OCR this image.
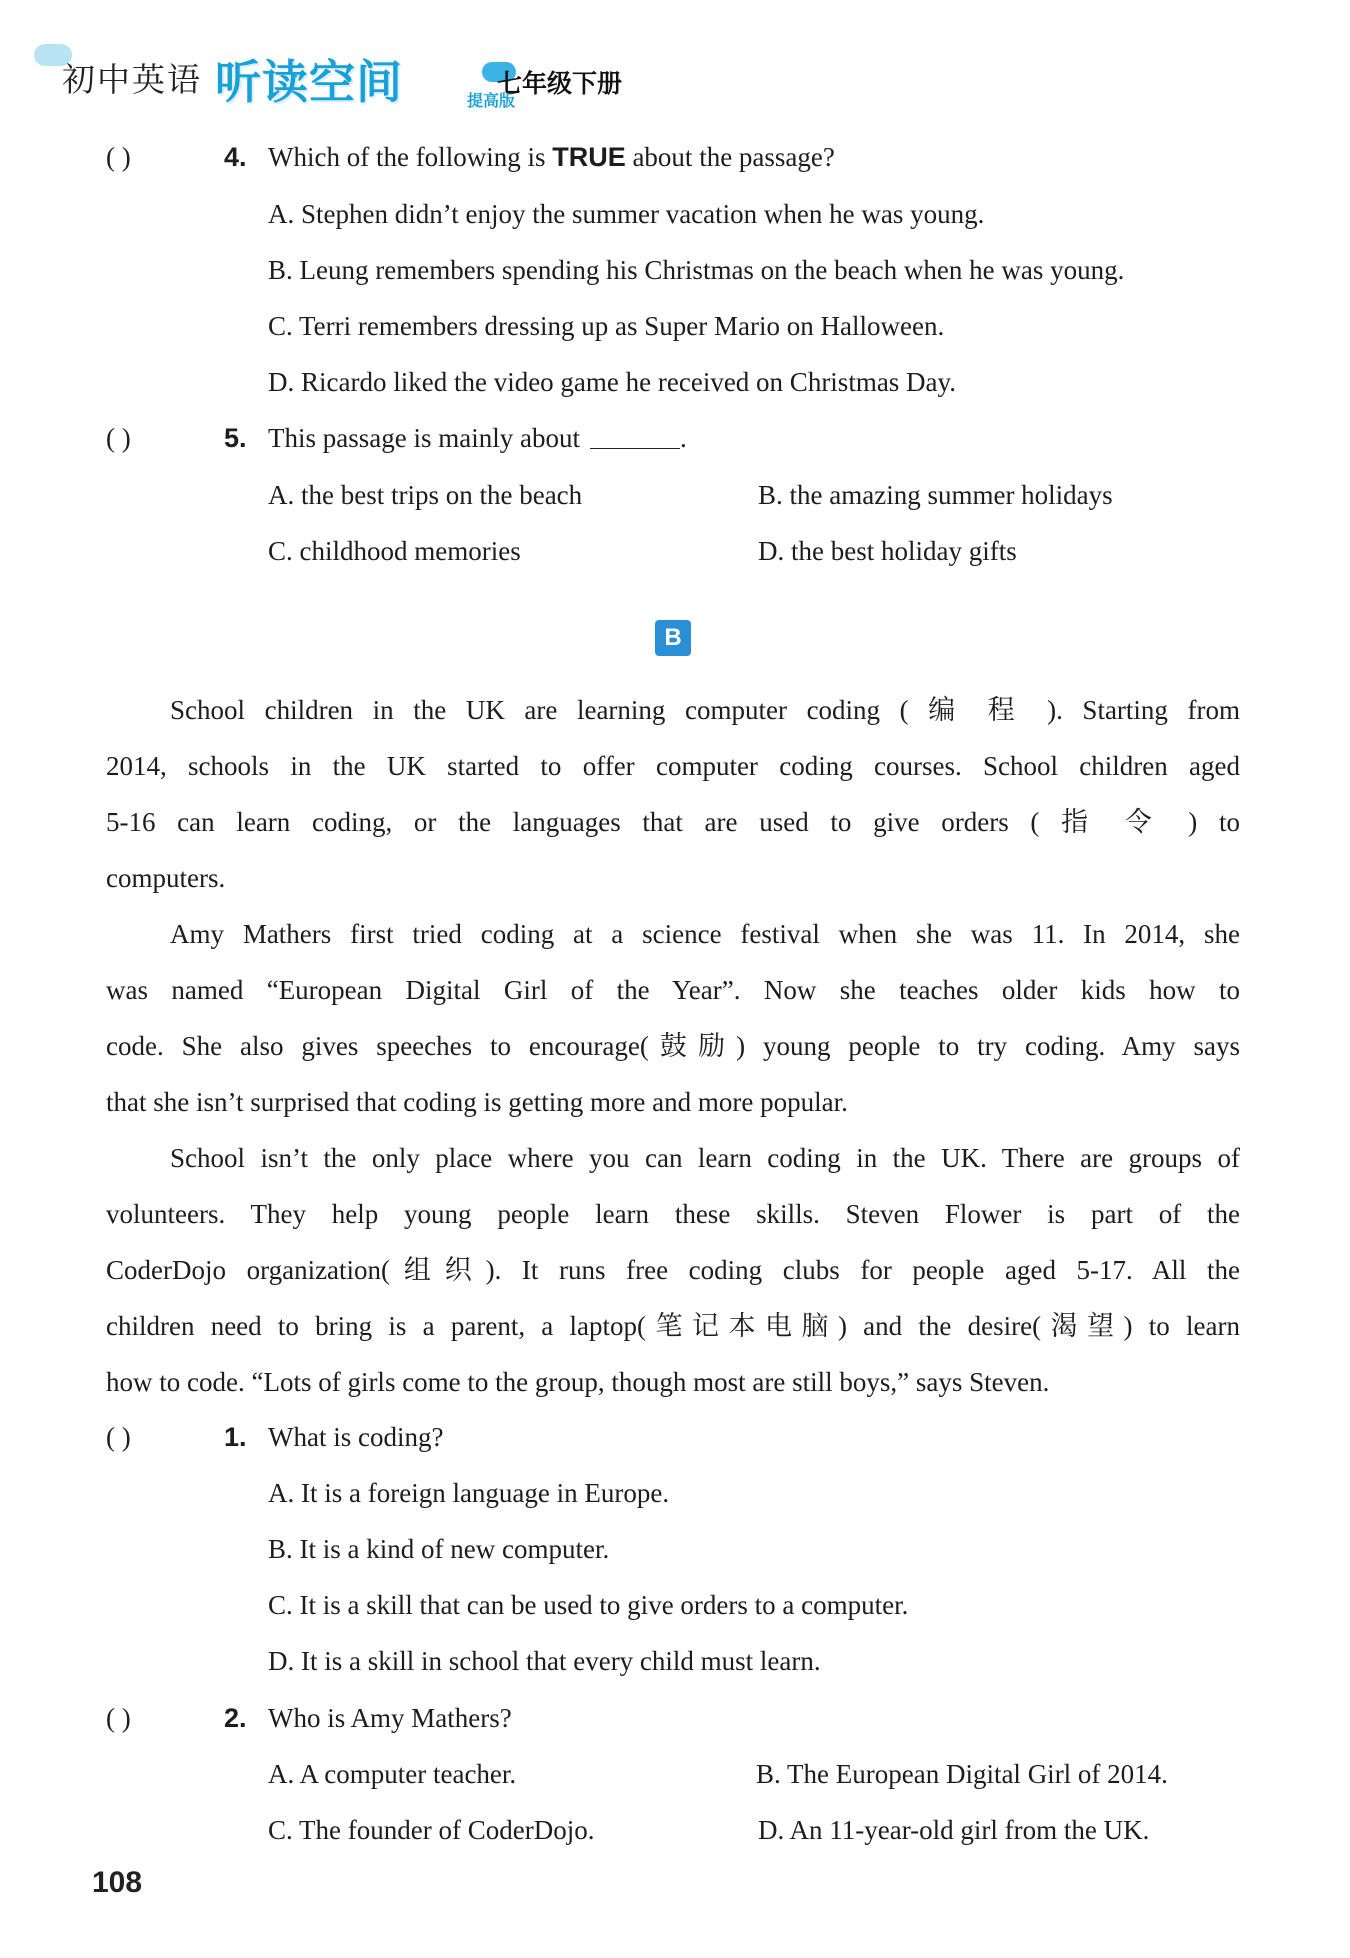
初中英语 听读空间	提高版
七年级下册
( )	4. Which of the following is TRUE about the passage?
A. Stephen didn’t enjoy the summer vacation when he was young.
B. Leung remembers spending his Christmas on the beach when he was young.
C. Terri remembers dressing up as Super Mario on Halloween.
D. Ricardo liked the video game he received on Christmas Day.
( )	5. This passage is mainly about	.
A. the best trips on the beach	B. the amazing summer holidays
C. childhood memories	D. the best holiday gifts
B
School children in the UK are learning computer coding ( 编 程 ). Starting from
2014, schools in the UK started to offer computer coding courses. School children aged
5-16 can learn coding, or the languages that are used to give orders ( 指 令 ) to
computers.
Amy Mathers first tried coding at a science festival when she was 11. In 2014, she
was named “European Digital Girl of the Year”. Now she teaches older kids how to
code. She also gives speeches to encourage(鼓励) young people to try coding. Amy says
that she isn’t surprised that coding is getting more and more popular.
School isn’t the only place where you can learn coding in the UK. There are groups of
volunteers. They help young people learn these skills. Steven Flower is part of the
CoderDojo organization(组织). It runs free coding clubs for people aged 5-17. All the
children need to bring is a parent, a laptop(笔记本电脑) and the desire(渴望) to learn
how to code. “Lots of girls come to the group, though most are still boys,” says Steven.
( )	1. What is coding?
A. It is a foreign language in Europe.
B. It is a kind of new computer.
C. It is a skill that can be used to give orders to a computer.
D. It is a skill in school that every child must learn.
( )	2. Who is Amy Mathers?
A. A computer teacher.	B. The European Digital Girl of 2014.
C. The founder of CoderDojo.	D. An 11-year-old girl from the UK.
108
